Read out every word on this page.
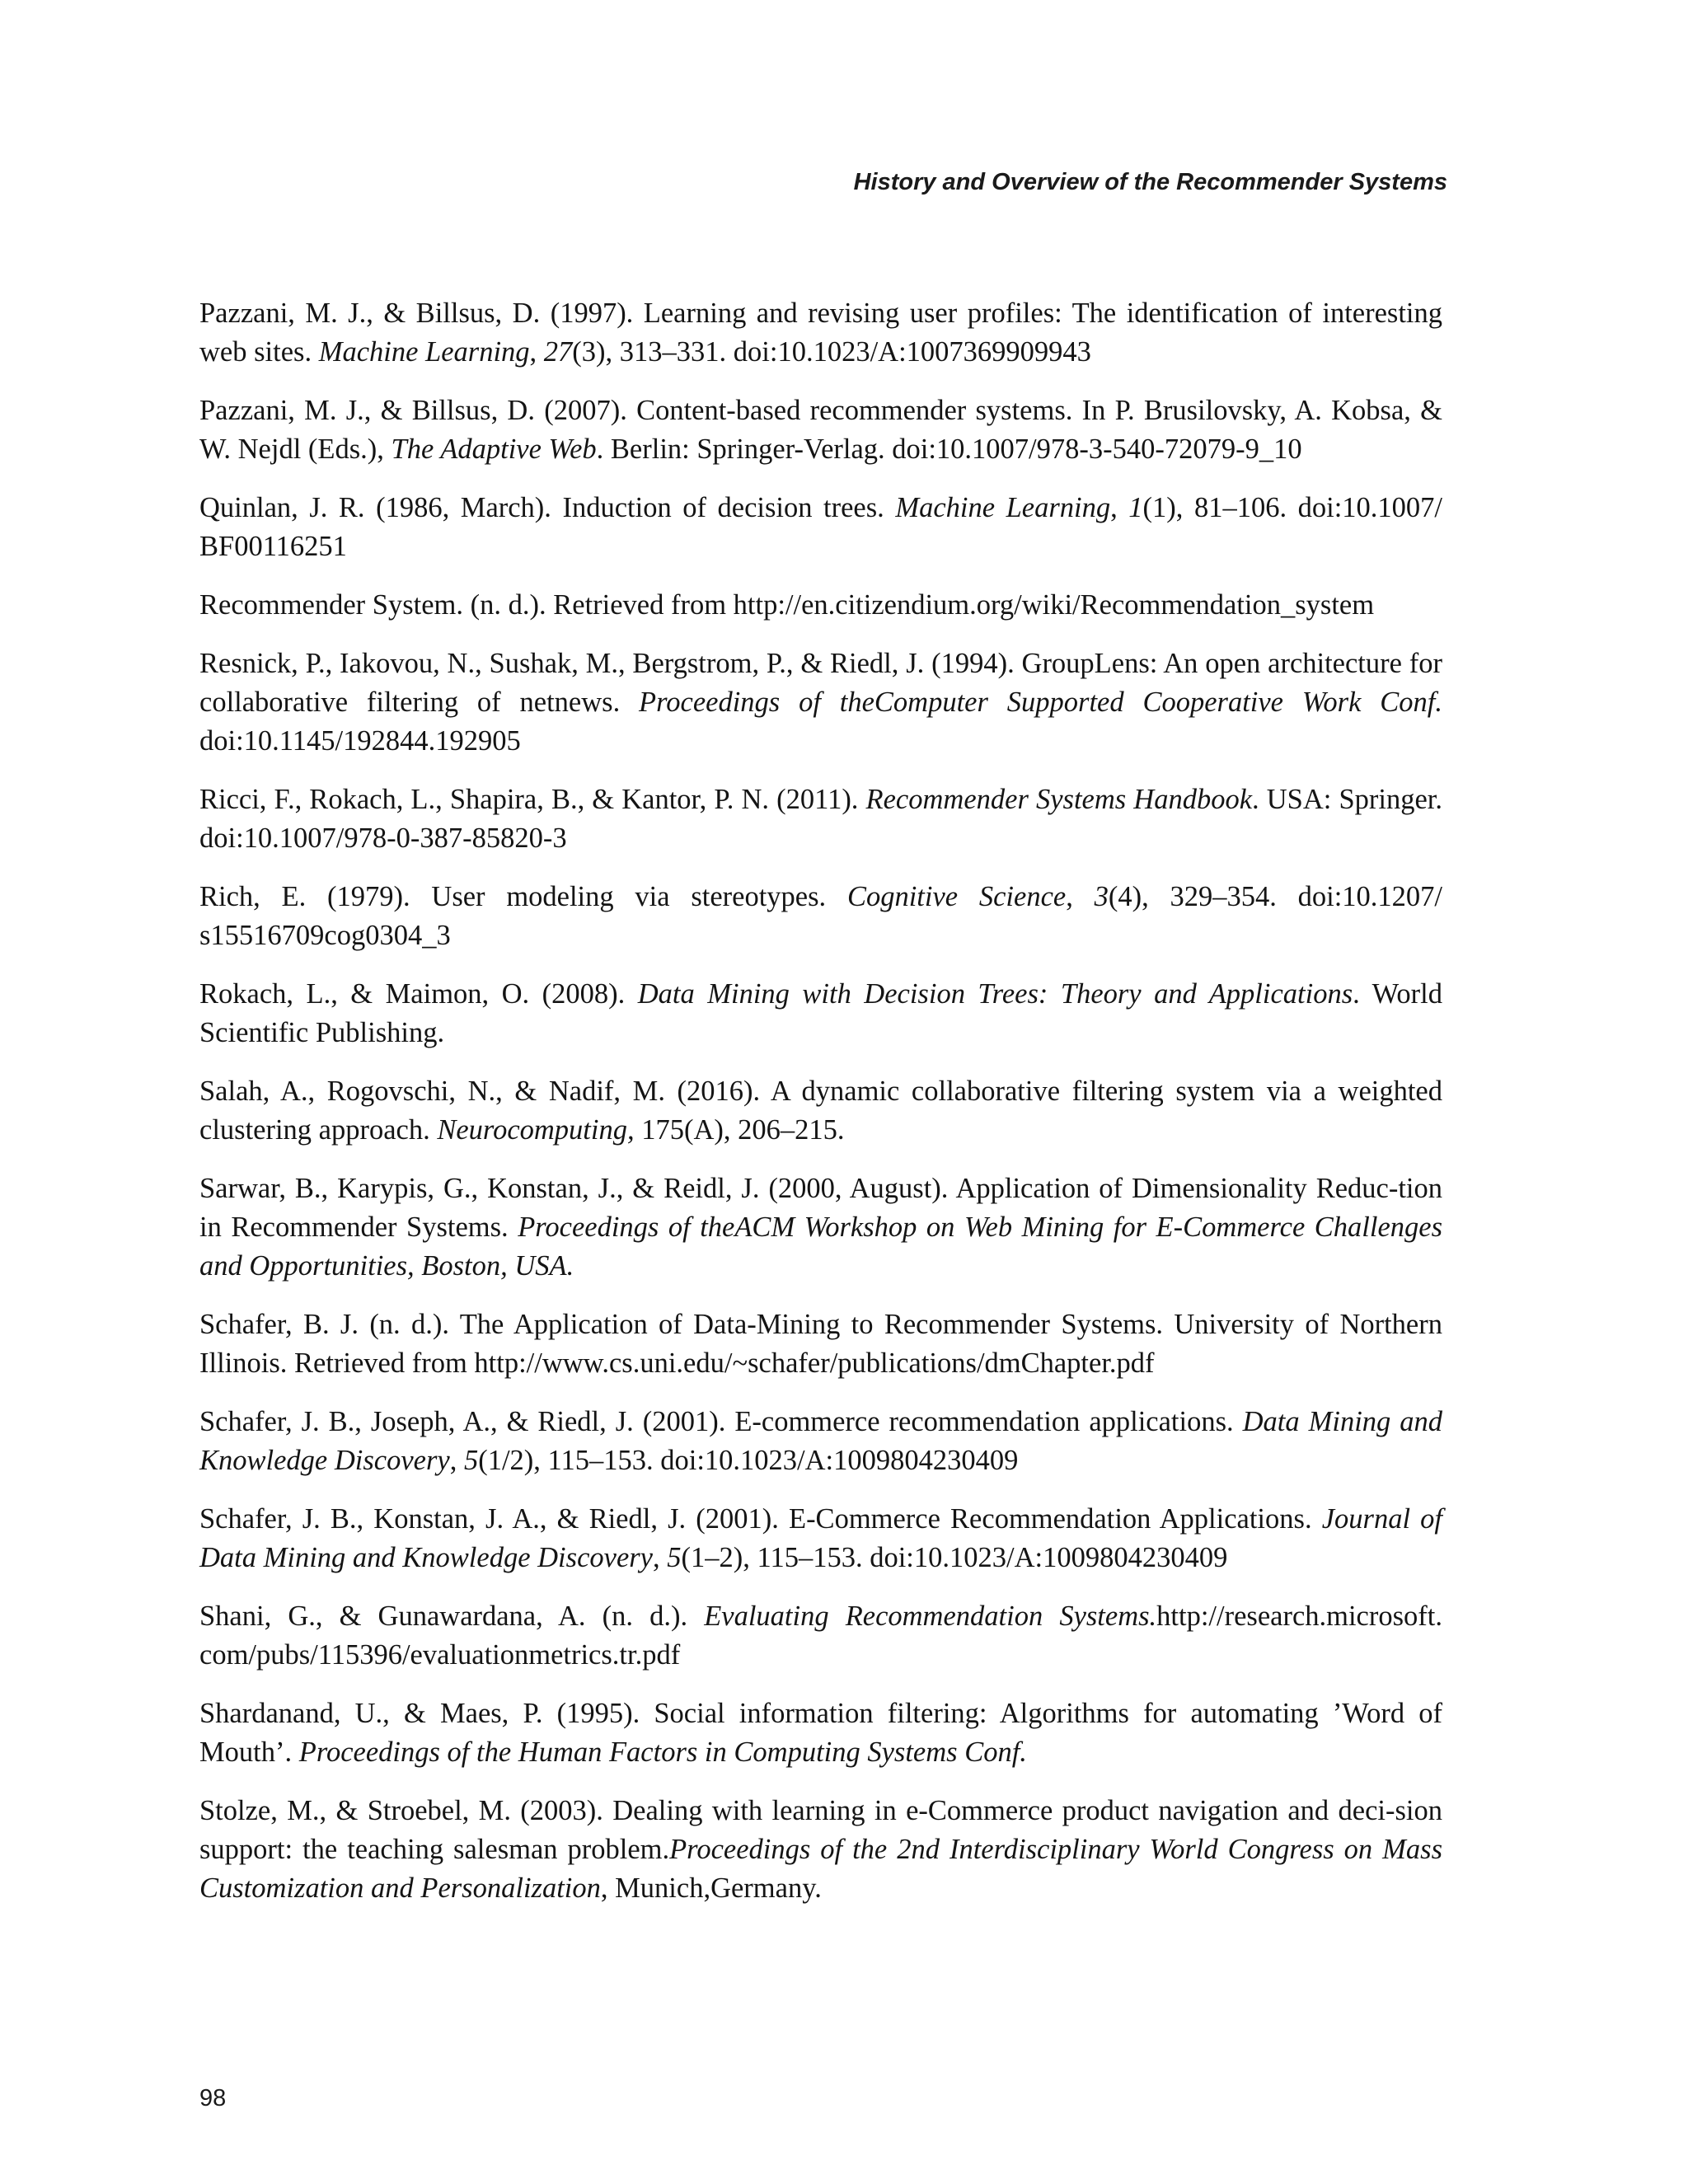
History and Overview of the Recommender Systems

Pazzani, M. J., & Billsus, D. (1997). Learning and revising user profiles: The identification of interesting web sites. Machine Learning, 27(3), 313–331. doi:10.1023/A:1007369909943

Pazzani, M. J., & Billsus, D. (2007). Content-based recommender systems. In P. Brusilovsky, A. Kobsa, & W. Nejdl (Eds.), The Adaptive Web. Berlin: Springer-Verlag. doi:10.1007/978-3-540-72079-9_10

Quinlan, J. R. (1986, March). Induction of decision trees. Machine Learning, 1(1), 81–106. doi:10.1007/ BF00116251

Recommender System. (n. d.). Retrieved from http://en.citizendium.org/wiki/Recommendation_system

Resnick, P., Iakovou, N., Sushak, M., Bergstrom, P., & Riedl, J. (1994). GroupLens: An open architecture for collaborative filtering of netnews. Proceedings of theComputer Supported Cooperative Work Conf. doi:10.1145/192844.192905

Ricci, F., Rokach, L., Shapira, B., & Kantor, P. N. (2011). Recommender Systems Handbook. USA: Springer. doi:10.1007/978-0-387-85820-3

Rich, E. (1979). User modeling via stereotypes. Cognitive Science, 3(4), 329–354. doi:10.1207/ s15516709cog0304_3

Rokach, L., & Maimon, O. (2008). Data Mining with Decision Trees: Theory and Applications. World Scientific Publishing.

Salah, A., Rogovschi, N., & Nadif, M. (2016). A dynamic collaborative filtering system via a weighted clustering approach. Neurocomputing, 175(A), 206–215.

Sarwar, B., Karypis, G., Konstan, J., & Reidl, J. (2000, August). Application of Dimensionality Reduc-tion in Recommender Systems. Proceedings of theACM Workshop on Web Mining for E-Commerce Challenges and Opportunities, Boston, USA.

Schafer, B. J. (n. d.). The Application of Data-Mining to Recommender Systems. University of Northern Illinois. Retrieved from http://www.cs.uni.edu/~schafer/publications/dmChapter.pdf

Schafer, J. B., Joseph, A., & Riedl, J. (2001). E-commerce recommendation applications. Data Mining and Knowledge Discovery, 5(1/2), 115–153. doi:10.1023/A:1009804230409

Schafer, J. B., Konstan, J. A., & Riedl, J. (2001). E-Commerce Recommendation Applications. Journal of Data Mining and Knowledge Discovery, 5(1–2), 115–153. doi:10.1023/A:1009804230409

Shani, G., & Gunawardana, A. (n. d.). Evaluating Recommendation Systems.http://research.microsoft. com/pubs/115396/evaluationmetrics.tr.pdf

Shardanand, U., & Maes, P. (1995). Social information filtering: Algorithms for automating ’Word of Mouth’. Proceedings of the Human Factors in Computing Systems Conf.

Stolze, M., & Stroebel, M. (2003). Dealing with learning in e-Commerce product navigation and deci-sion support: the teaching salesman problem.Proceedings of the 2nd Interdisciplinary World Congress on Mass Customization and Personalization, Munich,Germany.

98
